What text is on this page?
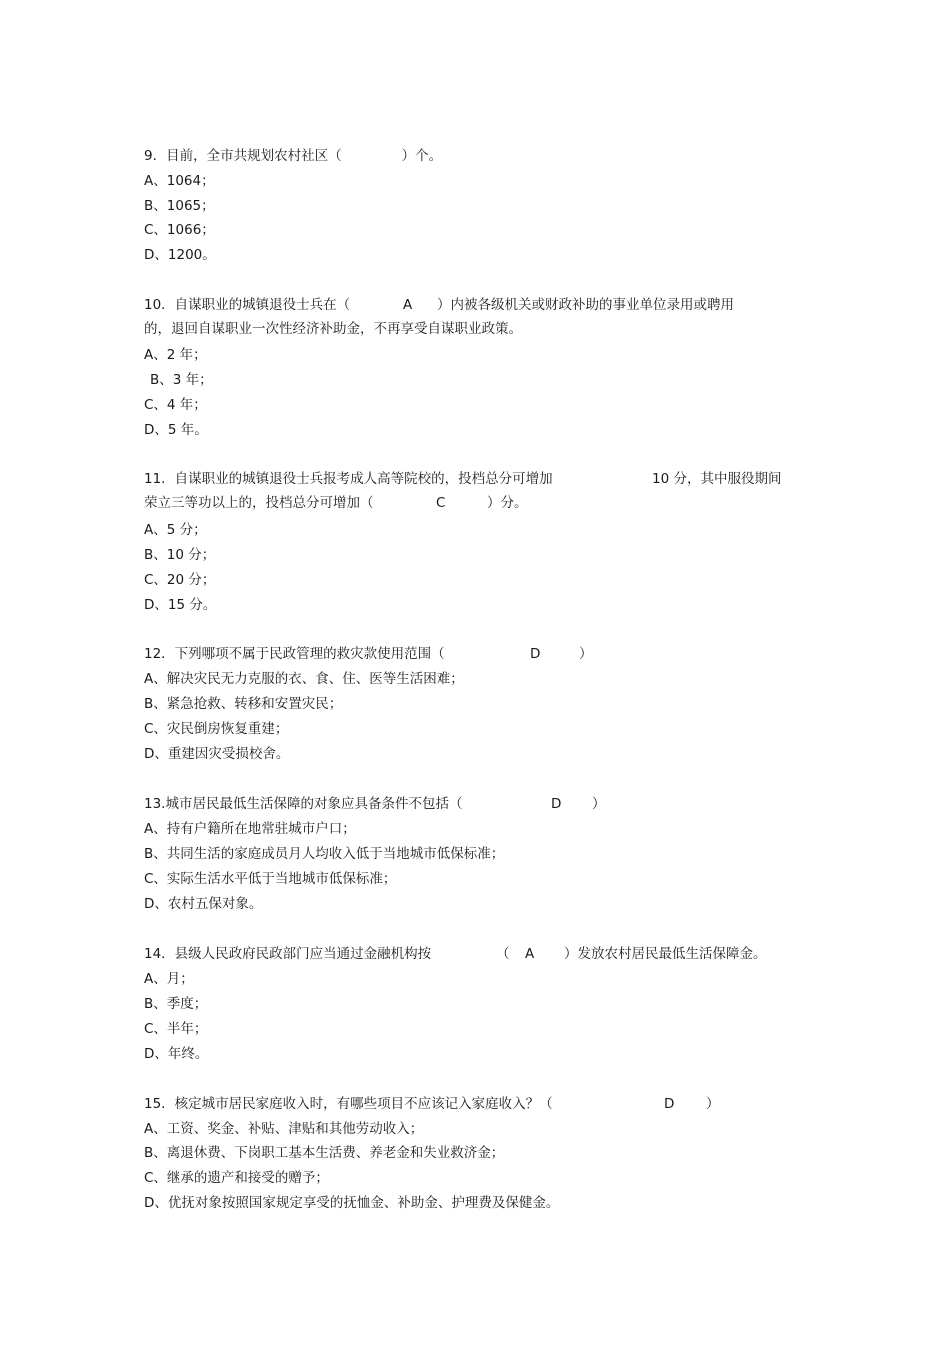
9．目前，全市共规划农村社区（              ）个。
A、1064；
B、1065；
C、1066；
D、1200。
10．自谋职业的城镇退役士兵在（	A ）内被各级机关或财政补助的事业单位录用或聘用
的，退回自谋职业一次性经济补助金，不再享受自谋职业政策。
A、2 年；
B、3 年；
C、4 年；
D、5 年。
11．自谋职业的城镇退役士兵报考成人高等院校的，投档总分可增加	10 分，其中服役期间
荣立三等功以上的，投档总分可增加（	C	）分。
A、5 分；
B、10 分；
C、20 分；
D、15 分。
12．下列哪项不属于民政管理的救灾款使用范围（	D	）
A、解决灾民无力克服的衣、食、住、医等生活困难；
B、紧急抢救、转移和安置灾民；
C、灾民倒房恢复重建；
D、重建因灾受损校舍。
13.城市居民最低生活保障的对象应具备条件不包括（	D ）
A、持有户籍所在地常驻城市户口；
B、共同生活的家庭成员月人均收入低于当地城市低保标准；
C、实际生活水平低于当地城市低保标准；
D、农村五保对象。
14．县级人民政府民政部门应当通过金融机构按	（ A ）发放农村居民最低生活保障金。
A、月；
B、季度；
C、半年；
D、年终。
15．核定城市居民家庭收入时，有哪些项目不应该记入家庭收入？（	D ）
A、工资、奖金、补贴、津贴和其他劳动收入；
B、离退休费、下岗职工基本生活费、养老金和失业救济金；
C、继承的遗产和接受的赠予；
D、优抚对象按照国家规定享受的抚恤金、补助金、护理费及保健金。
